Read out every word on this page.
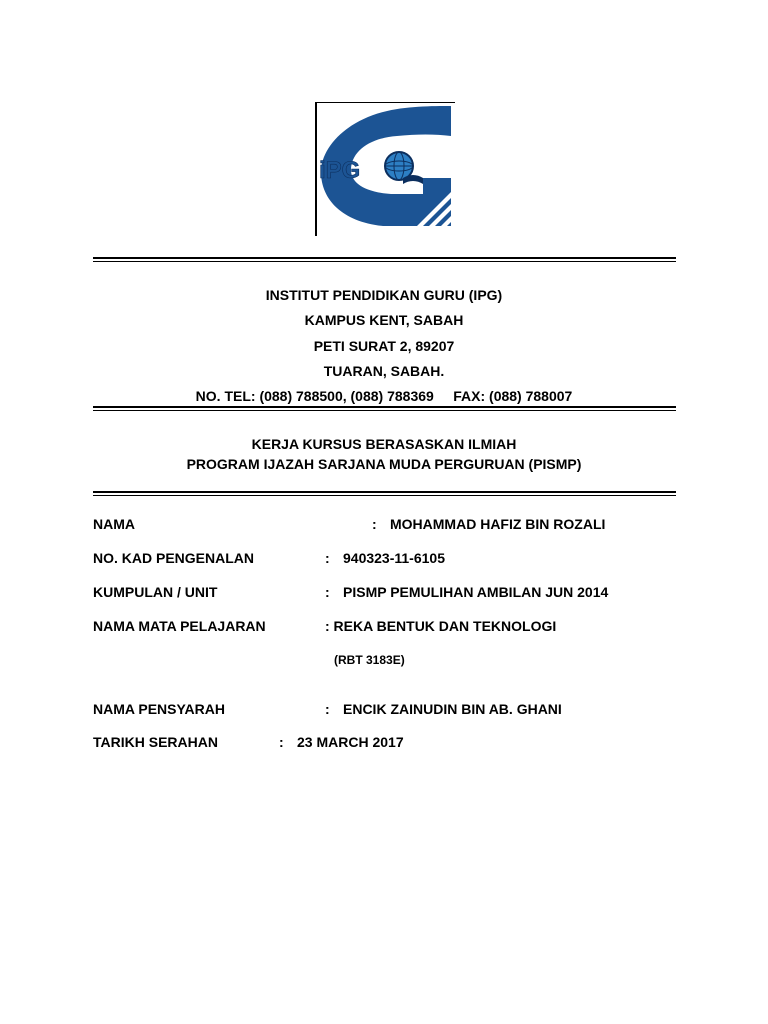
iPG
INSTITUT PENDIDIKAN GURU (IPG)
KAMPUS KENT, SABAH
PETI SURAT 2, 89207
TUARAN, SABAH.
NO. TEL: (088) 788500, (088) 788369     FAX: (088) 788007
KERJA KURSUS BERASASKAN ILMIAH
PROGRAM IJAZAH SARJANA MUDA PERGURUAN (PISMP)
NAMA	: MOHAMMAD HAFIZ BIN ROZALI
NO. KAD PENGENALAN	: 940323-11-6105
KUMPULAN / UNIT	: PISMP PEMULIHAN AMBILAN JUN 2014
NAMA MATA PELAJARAN	: REKA BENTUK DAN TEKNOLOGI
(RBT 3183E)
NAMA PENSYARAH	: ENCIK ZAINUDIN BIN AB. GHANI
TARIKH SERAHAN	: 23 MARCH 2017
